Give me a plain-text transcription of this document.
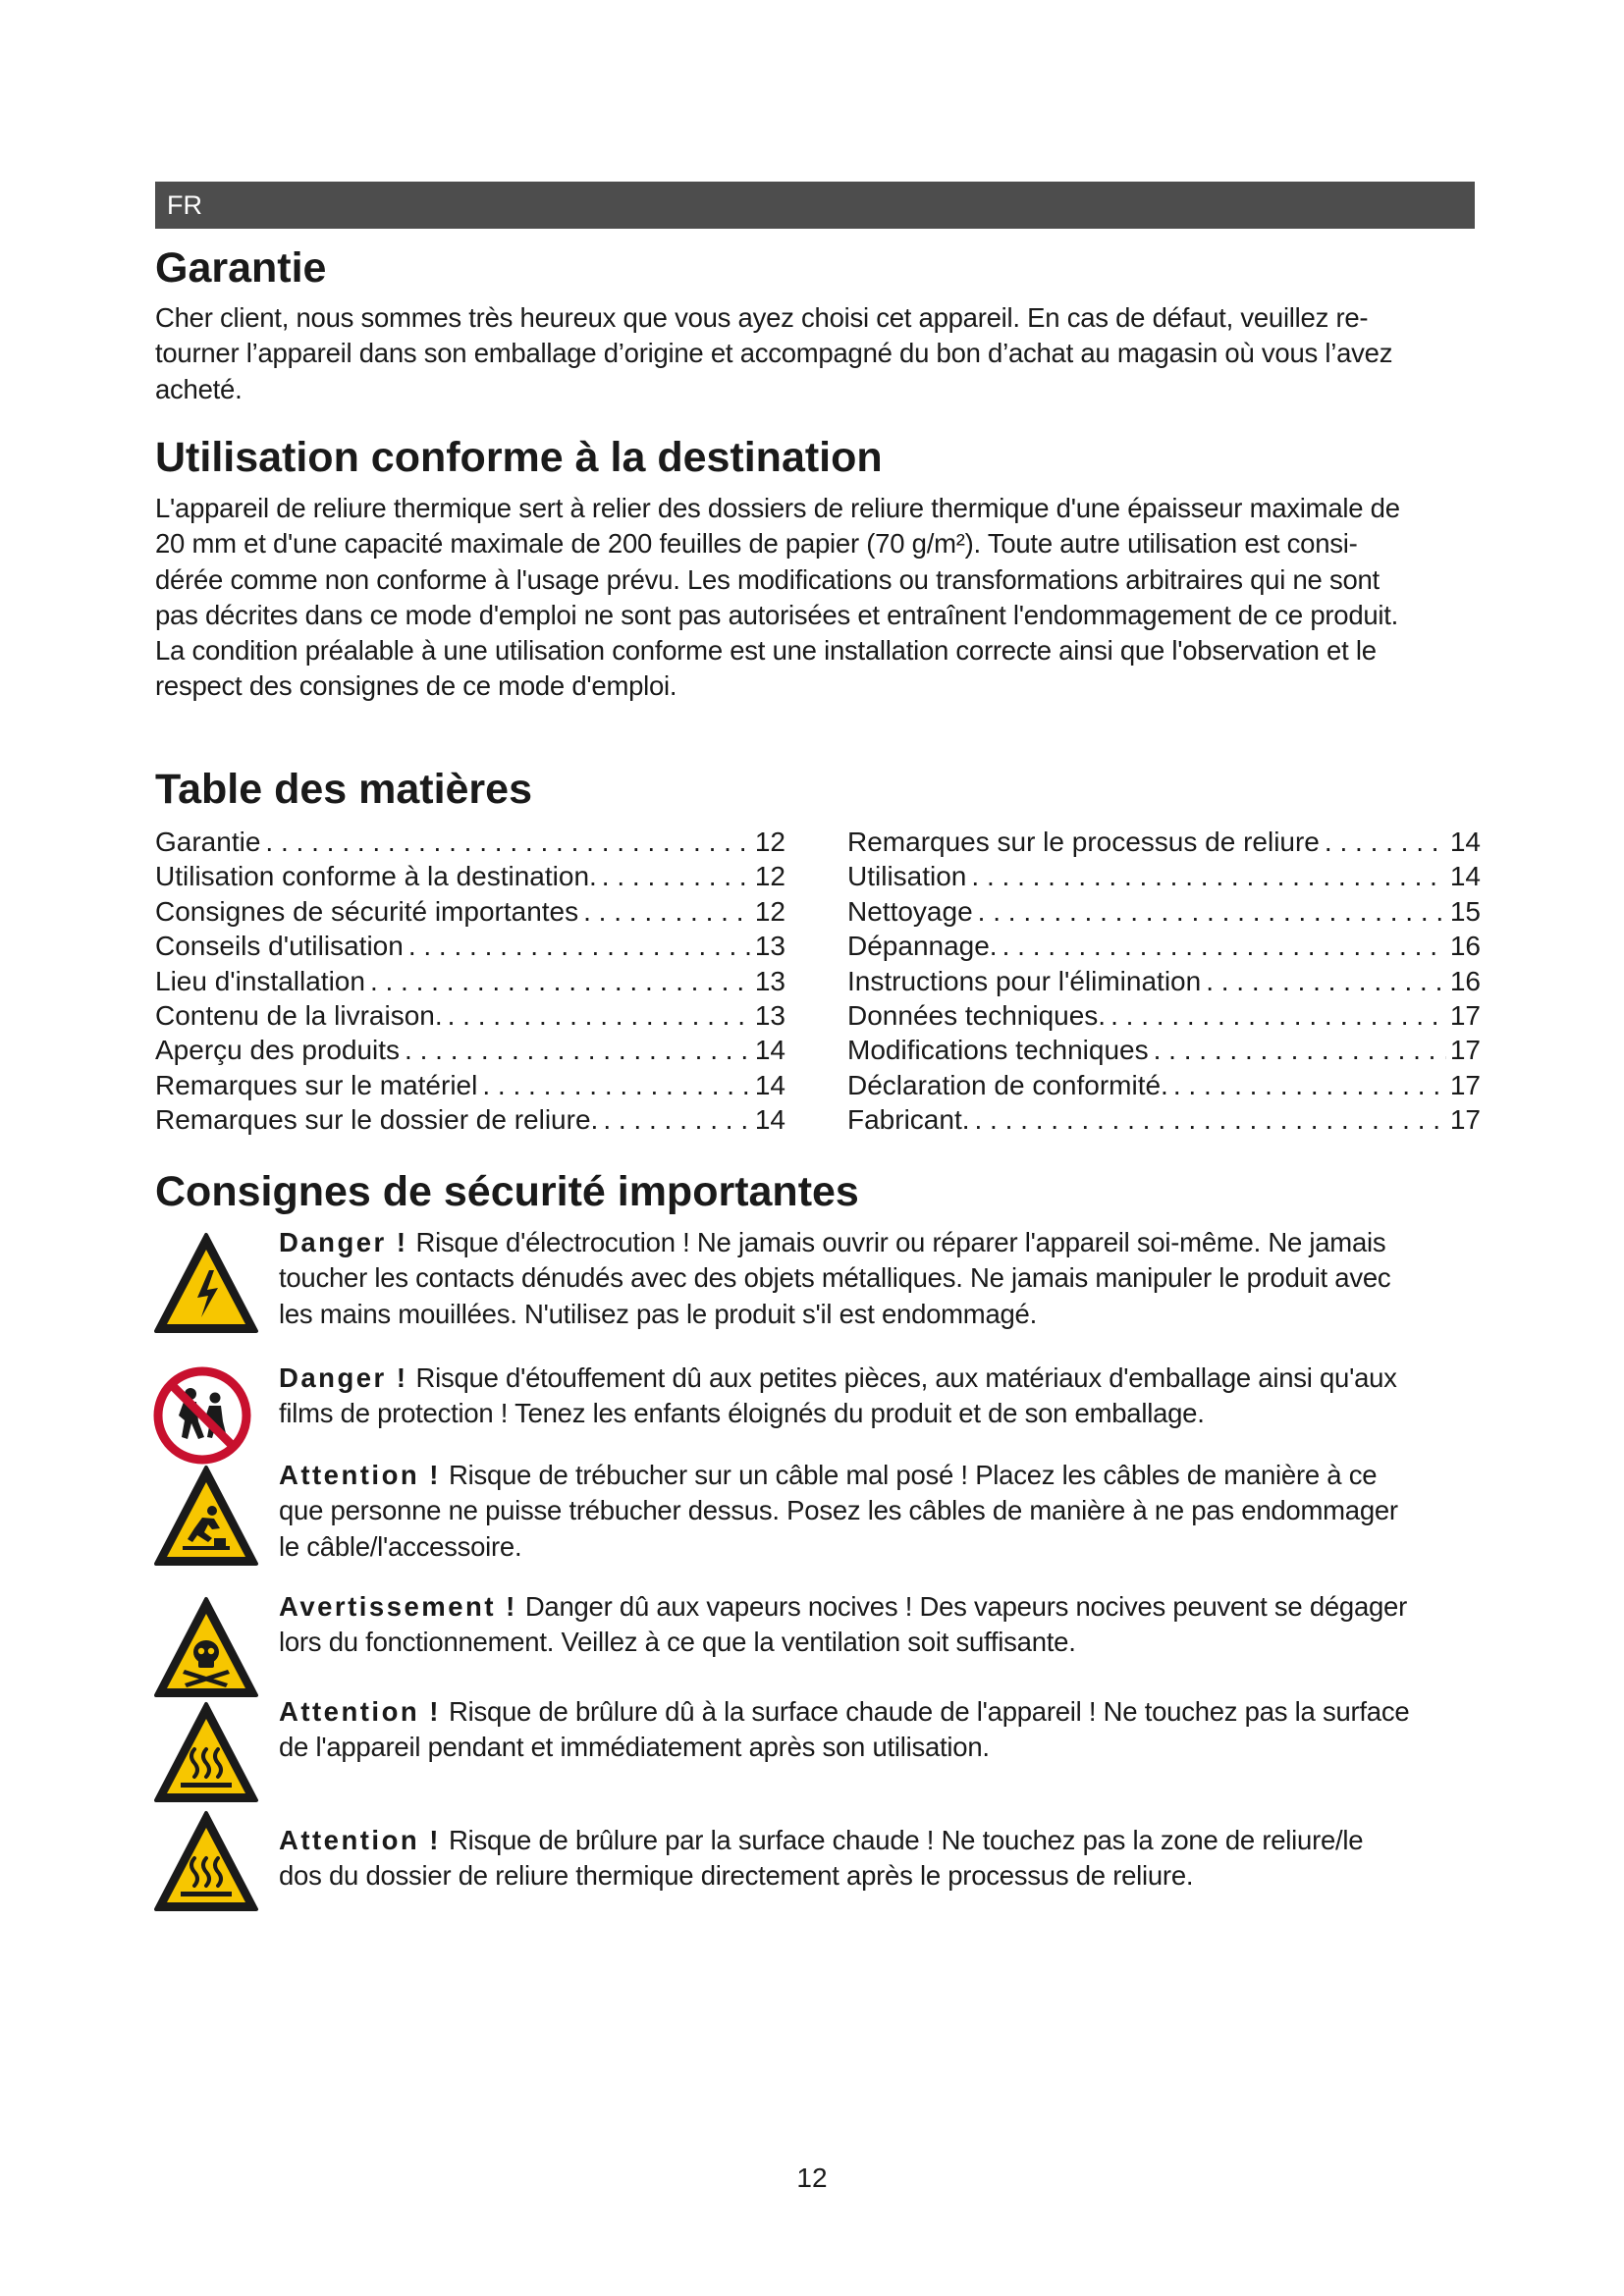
FR
Garantie

Cher client, nous sommes très heureux que vous ayez choisi cet appareil. En cas de défaut, veuillez re-

tourner l’appareil dans son emballage d’origine et accompagné du bon d’achat au magasin où vous l’avez

acheté.

Utilisation conforme à la destination

L'appareil de reliure thermique sert à relier des dossiers de reliure thermique d'une épaisseur maximale de

20 mm et d'une capacité maximale de 200 feuilles de papier (70 g/m²). Toute autre utilisation est consi-

dérée comme non conforme à l'usage prévu. Les modifications ou transformations arbitraires qui ne sont

pas décrites dans ce mode d'emploi ne sont pas autorisées et entraînent l'endommagement de ce produit.

La condition préalable à une utilisation conforme est une installation correcte ainsi que l'observation et le

respect des consignes de ce mode d'emploi.

Table des matières
Garantie . . .	12
Utilisation conforme à la destination. . . .	12
Consignes de sécurité importantes . . .	12
Conseils d'utilisation . . .	13
Lieu d'installation . . .	13
Contenu de la livraison. . . .	13
Aperçu des produits . . .	14
Remarques sur le matériel . . .	14
Remarques sur le dossier de reliure. . . .	14
Remarques sur le processus de reliure . . .	14
Utilisation . . .	14
Nettoyage . . .	15
Dépannage. . . .	16
Instructions pour l'élimination . . .	16
Données techniques. . . .	17
Modifications techniques . . .	17
Déclaration de conformité. . . .	17
Fabricant. . . .	17
Consignes de sécurité importantes

Danger ! Risque d'électrocution ! Ne jamais ouvrir ou réparer l'appareil soi-même. Ne jamais

toucher les contacts dénudés avec des objets métalliques. Ne jamais manipuler le produit avec

les mains mouillées. N'utilisez pas le produit s'il est endommagé.

Danger ! Risque d'étouffement dû aux petites pièces, aux matériaux d'emballage ainsi qu'aux

films de protection ! Tenez les enfants éloignés du produit et de son emballage.

Attention ! Risque de trébucher sur un câble mal posé ! Placez les câbles de manière à ce

que personne ne puisse trébucher dessus. Posez les câbles de manière à ne pas endommager

le câble/l'accessoire.

Avertissement ! Danger dû aux vapeurs nocives ! Des vapeurs nocives peuvent se dégager

lors du fonctionnement. Veillez à ce que la ventilation soit suffisante.

Attention ! Risque de brûlure dû à la surface chaude de l'appareil ! Ne touchez pas la surface

de l'appareil pendant et immédiatement après son utilisation.

Attention ! Risque de brûlure par la surface chaude ! Ne touchez pas la zone de reliure/le

dos du dossier de reliure thermique directement après le processus de reliure.

12
